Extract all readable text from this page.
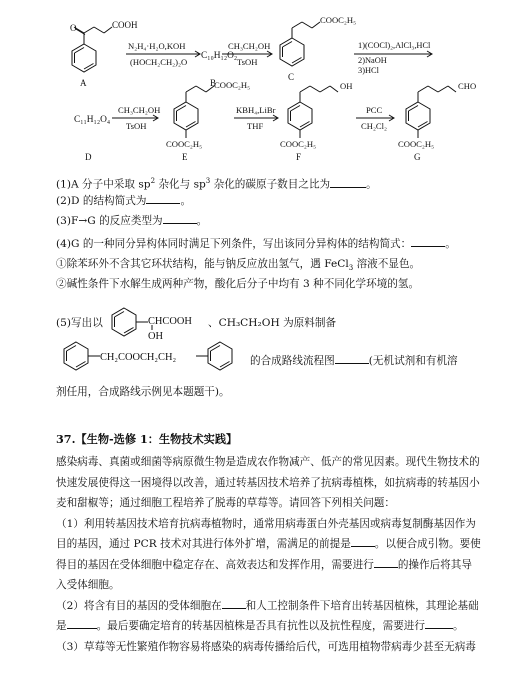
O	COOH
A
N₂H₄·H₂O,KOH
(HOCH₂CH₂)₂O
C₁₀H₁₂O₂
B
CH₃CH₂OH
TsOH
COOC₂H₅
C
1)(COCl)₂,AlCl₃,HCl
2)NaOH
3)HCl
C₁₁H₁₂O₄
D
CH₃CH₂OH
TsOH
COOC₂H₅
COOC₂H₅
E
KBH₄,LiBr
THF
OH
COOC₂H₅
F
PCC
CH₂Cl₂
CHO
COOC₂H₅
G
CHCOOH
OH
CH₂COOCH₂CH₂
(1)A 分子中采取 $sp^2$ 杂化与 $sp^3$ 杂化的碳原子数目之比为	。
(2)D 的结构简式为	。
(3)F→G 的反应类型为	。
(4)G 的一种同分异构体同时满足下列条件，写出该同分异构体的结构简式：	。
①除苯环外不含其它环状结构，能与钠反应放出氢气，遇 FeCl$_3$ 溶液不显色。
②碱性条件下水解生成两种产物，酸化后分子中均有 3 种不同化学环境的氢。
(5)写出以	、CH₃CH₂OH 为原料制备
的合成路线流程图	(无机试剂和有机溶
剂任用，合成路线示例见本题题干)。
37.【生物-选修 1：生物技术实践】
感染病毒、真菌或细菌等病原微生物是造成农作物减产、低产的常见因素。现代生物技术的
快速发展使得这一困境得以改善，通过转基因技术培养了抗病毒植株，如抗病毒的转基因小
麦和甜椒等；通过细胞工程培养了脱毒的草莓等。请回答下列相关问题：
（1）利用转基因技术培育抗病毒植物时，通常用病毒蛋白外壳基因或病毒复制酶基因作为
目的基因，通过 PCR 技术对其进行体外扩增，需满足的前提是 。以便合成引物。要使
得目的基因在受体细胞中稳定存在、高效表达和发挥作用，需要进行 的操作后将其导
入受体细胞。
（2）将含有目的基因的受体细胞在 和人工控制条件下培育出转基因植株，其理论基础
是	。最后要确定培育的转基因植株是否具有抗性以及抗性程度，需要进行	。
（3）草莓等无性繁殖作物容易将感染的病毒传播给后代，可选用植物带病毒少甚至无病毒
